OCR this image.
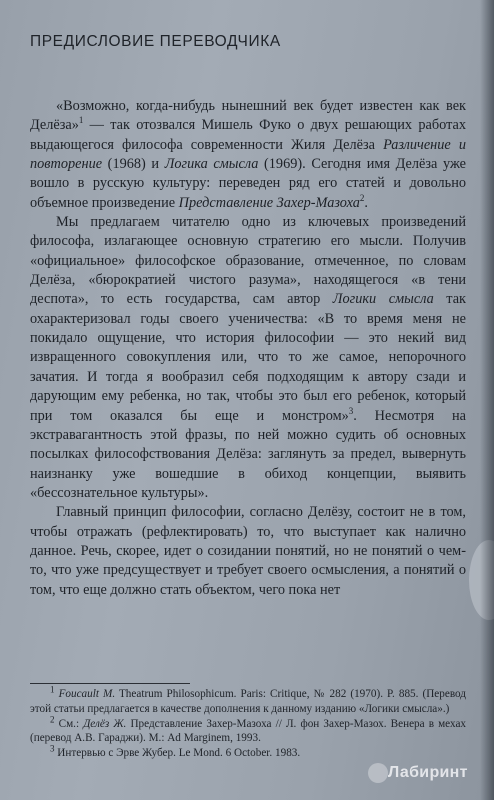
ПРЕДИСЛОВИЕ ПЕРЕВОДЧИКА

«Возможно, когда-нибудь нынешний век будет известен как век Делёза»$^1$ — так отозвался Мишель Фуко о двух решающих работах выдающегося философа современности Жиля Делёза Различение и повторение (1968) и Логика смысла (1969). Сегодня имя Делёза уже вошло в русскую культуру: переведен ряд его статей и довольно объемное произведение Представление Захер-Мазоха$^2$.

Мы предлагаем читателю одно из ключевых произведений философа, излагающее основную стратегию его мысли. Получив «официальное» философское образование, отмеченное, по словам Делёза, «бюрократией чистого разума», находящегося «в тени деспота», то есть государства, сам автор Логики смысла так охарактеризовал годы своего ученичества: «В то время меня не покидало ощущение, что история философии — это некий вид извращенного совокупления или, что то же самое, непорочного зачатия. И тогда я вообразил себя подходящим к автору сзади и дарующим ему ребенка, но так, чтобы это был его ребенок, который при том оказался бы еще и монстром»$^3$. Несмотря на экстравагантность этой фразы, по ней можно судить об основных посылках философствования Делёза: заглянуть за предел, вывернуть наизнанку уже вошедшие в обиход концепции, выявить «бессознательное культуры».

Главный принцип философии, согласно Делёзу, состоит не в том, чтобы отражать (рефлектировать) то, что выступает как налично данное. Речь, скорее, идет о созидании понятий, но не понятий о чем-то, что уже предсуществует и требует своего осмысления, а понятий о том, что еще должно стать объектом, чего пока нет

$^1$ Foucault M. Theatrum Philosophicum. Paris: Critique, № 282 (1970). P. 885. (Перевод этой статьи предлагается в качестве дополнения к данному изданию «Логики смысла».)

$^2$ См.: Делёз Ж. Представление Захер-Мазоха // Л. фон Захер-Мазох. Венера в мехах (перевод А.В. Гараджи). М.: Ad Marginem, 1993.

$^3$ Интервью с Эрве Жубер. Le Mond. 6 October. 1983.

Лабиринт
